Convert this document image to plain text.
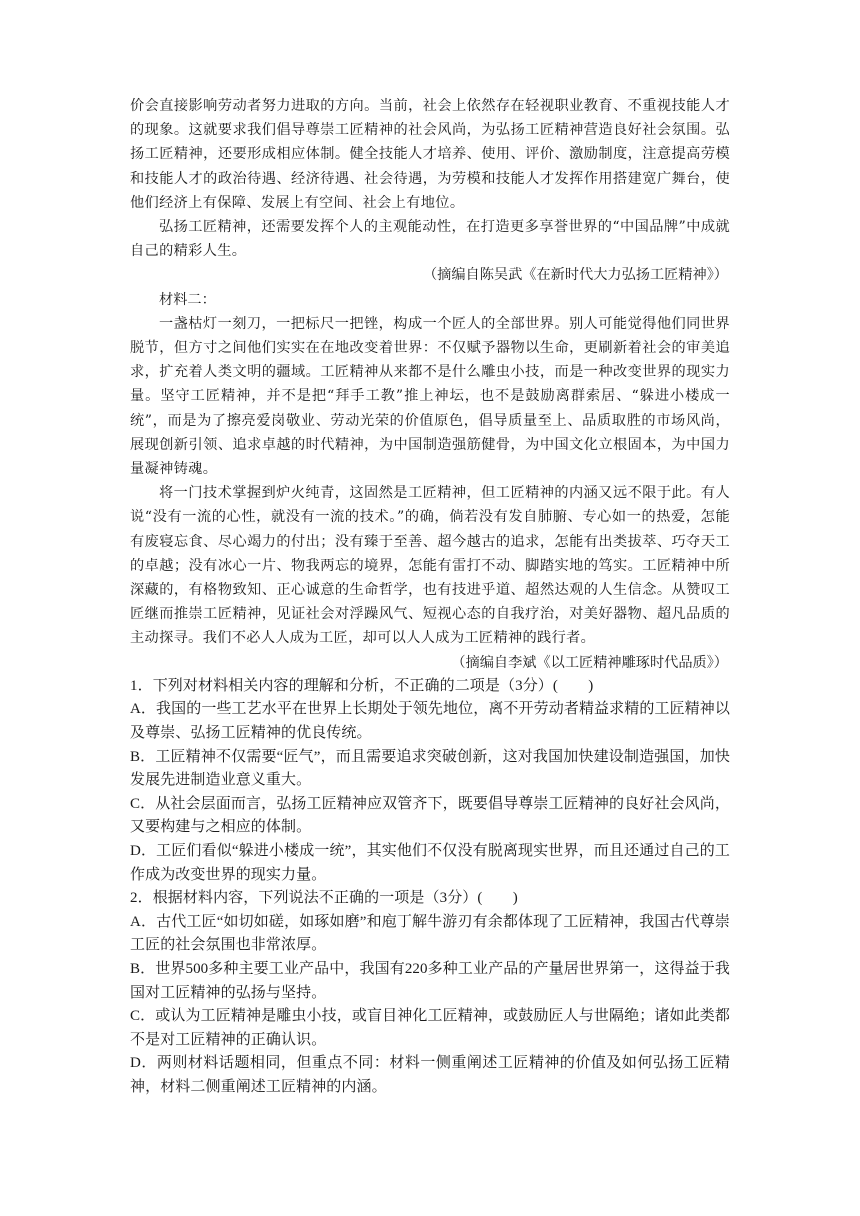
价会直接影响劳动者努力进取的方向。当前，社会上依然存在轻视职业教育、不重视技能人才的现象。这就要求我们倡导尊崇工匠精神的社会风尚，为弘扬工匠精神营造良好社会氛围。弘扬工匠精神，还要形成相应体制。健全技能人才培养、使用、评价、激励制度，注意提高劳模和技能人才的政治待遇、经济待遇、社会待遇，为劳模和技能人才发挥作用搭建宽广舞台，使他们经济上有保障、发展上有空间、社会上有地位。

弘扬工匠精神，还需要发挥个人的主观能动性，在打造更多享誉世界的“中国品牌”中成就自己的精彩人生。

（摘编自陈吴武《在新时代大力弘扬工匠精神》）

材料二：

一盏枯灯一刻刀，一把标尺一把锉，构成一个匠人的全部世界。别人可能觉得他们同世界脱节，但方寸之间他们实实在在地改变着世界：不仅赋予器物以生命，更刷新着社会的审美追求，扩充着人类文明的疆域。工匠精神从来都不是什么雕虫小技，而是一种改变世界的现实力量。坚守工匠精神，并不是把“拜手工教”推上神坛，也不是鼓励离群索居、“躲进小楼成一统”，而是为了擦亮爱岗敬业、劳动光荣的价值原色，倡导质量至上、品质取胜的市场风尚，展现创新引领、追求卓越的时代精神，为中国制造强筋健骨，为中国文化立根固本，为中国力量凝神铸魂。

将一门技术掌握到炉火纯青，这固然是工匠精神，但工匠精神的内涵又远不限于此。有人说“没有一流的心性，就没有一流的技术。”的确，倘若没有发自肺腑、专心如一的热爱，怎能有废寝忘食、尽心竭力的付出；没有臻于至善、超今越古的追求，怎能有出类拔萃、巧夺天工的卓越；没有冰心一片、物我两忘的境界，怎能有雷打不动、脚踏实地的笃实。工匠精神中所深藏的，有格物致知、正心诚意的生命哲学，也有技进乎道、超然达观的人生信念。从赞叹工匠继而推崇工匠精神，见证社会对浮躁风气、短视心态的自我疗治，对美好器物、超凡品质的主动探寻。我们不必人人成为工匠，却可以人人成为工匠精神的践行者。

（摘编自李斌《以工匠精神雕琢时代品质》）

1．下列对材料相关内容的理解和分析，不正确的二项是（3分）(　　)

A．我国的一些工艺水平在世界上长期处于领先地位，离不开劳动者精益求精的工匠精神以及尊崇、弘扬工匠精神的优良传统。

B．工匠精神不仅需要“匠气”，而且需要追求突破创新，这对我国加快建设制造强国，加快发展先进制造业意义重大。

C．从社会层面而言，弘扬工匠精神应双管齐下，既要倡导尊崇工匠精神的良好社会风尚，又要构建与之相应的体制。

D．工匠们看似“躲进小楼成一统”，其实他们不仅没有脱离现实世界，而且还通过自己的工作成为改变世界的现实力量。

2．根据材料内容，下列说法不正确的一项是（3分）(　　)

A．古代工匠“如切如磋，如琢如磨”和庖丁解牛游刃有余都体现了工匠精神，我国古代尊崇工匠的社会氛围也非常浓厚。

B．世界500多种主要工业产品中，我国有220多种工业产品的产量居世界第一，这得益于我国对工匠精神的弘扬与坚持。

C．或认为工匠精神是雕虫小技，或盲目神化工匠精神，或鼓励匠人与世隔绝；诸如此类都不是对工匠精神的正确认识。

D．两则材料话题相同，但重点不同：材料一侧重阐述工匠精神的价值及如何弘扬工匠精神，材料二侧重阐述工匠精神的内涵。
